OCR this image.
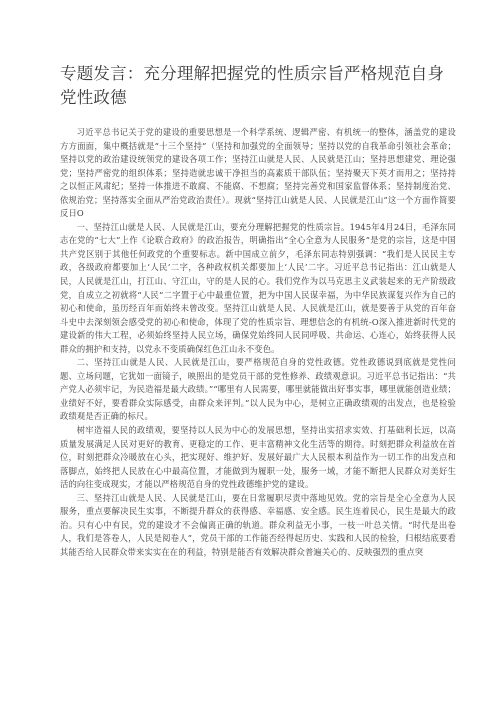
专题发言：充分理解把握党的性质宗旨严格规范自身党性政德

习近平总书记关于党的建设的重要思想是一个科学系统、逻辑严密、有机统一的整体，涵盖党的建设方方面面，集中概括就是“十三个坚持”（坚持和加强党的全面领导；坚持以党的自我革命引领社会革命；坚持以党的政治建设统领党的建设各项工作；坚持江山就是人民、人民就是江山；坚持思想建党、理论强党；坚持严密党的组织体系；坚持造就忠诚干净担当的高素质干部队伍；坚持聚天下英才而用之；坚持持之以恒正风肃纪；坚持一体推进不敢腐、不能腐、不想腐；坚持完善党和国家监督体系；坚持制度治党、依规治党；坚持落实全面从严治党政治责任）。现就“坚持江山就是人民、人民就是江山”这一个方面作简要反日O

一、坚持江山就是人民、人民就是江山，要充分理解把握党的性质宗旨。1945年4月24日，毛泽东同志在党的“七大”上作《论联合政府》的政治报告，明确指出“全心全意为人民服务”是党的宗旨，这是中国共产党区别于其他任何政党的个重要标志。新中国成立前夕，毛泽东同志特别强调：“我们是人民民主专政，各级政府都要加上‘人民’二字，各种政权机关都要加上‘人民’二字。习近平总书记指出：江山就是人民，人民就是江山，打江山、守江山，守的是人民的心。我们党作为以马克思主义武装起来的无产阶级政党，自成立之初就将“人民”二字置于心中最重位置，把为中国人民谋幸福，为中华民族谋复兴作为自己的初心和使命，虽历经百年而始终未曾改变。坚持江山就是人民、人民就是江山，就是要善于从党的百年奋斗史中去深刻领会感受党的初心和使命，体现了党的性质宗旨、理想信念的有机统-O深入推进新时代党的建设新的伟大工程，必须始终坚持人民立场，确保党始终同人民同呼吸、共命运、心连心，始终获得人民群众的拥护和支持，以党永不变质确保红色江山永不变色。

二、坚持江山就是人民、人民就是江山，要严格规范自身的党性政德。党性政德说到底就是党性问题、立场问题，它犹如一面镜子，映照出的是党员干部的党性修养、政绩观意识。习近平总书记指出：“共产党人必须牢记，为民造福是最大政绩。”“哪里有人民需要，哪里就能做出好事实事，哪里就能创造业绩；业绩好不好，要看群众实际感受，由群众来评判。”以人民为中心，是树立正确政绩观的出发点，也是检验政绩观是否正确的标尺。

树牢造福人民的政绩观，要坚持以人民为中心的发展思想，坚持出实招求实效、打基础利长远，以高质量发展满足人民对更好的教育、更稳定的工作、更丰富精神文化生活等的期待。时刻把群众利益放在首位，时刻把群众冷暖放在心头，把实现好、维护好、发展好最广大人民根本利益作为一切工作的出发点和落脚点，始终把人民放在心中最高位置，才能做到为履职一处，服务一域，才能不断把人民群众对美好生活的向往变成现实，才能以严格规范自身的党性政德维护党的建设。

三、坚持江山就是人民、人民就是江山，要在日常履职尽责中落地见效。党的宗旨是全心全意为人民服务，重点要解决民生实事，不断提升群众的获得感、幸福感、安全感。民生连着民心，民生是最大的政治。只有心中有民，党的建设才不会偏离正确的轨道。群众利益无小事，一枝一叶总关情。“时代是出卷人，我们是答卷人，人民是阅卷人”，党员干部的工作能否经得起历史、实践和人民的检验，归根结底要看其能否给人民群众带来实实在在的利益，特别是能否有效解决群众普遍关心的、反映强烈的重点突
